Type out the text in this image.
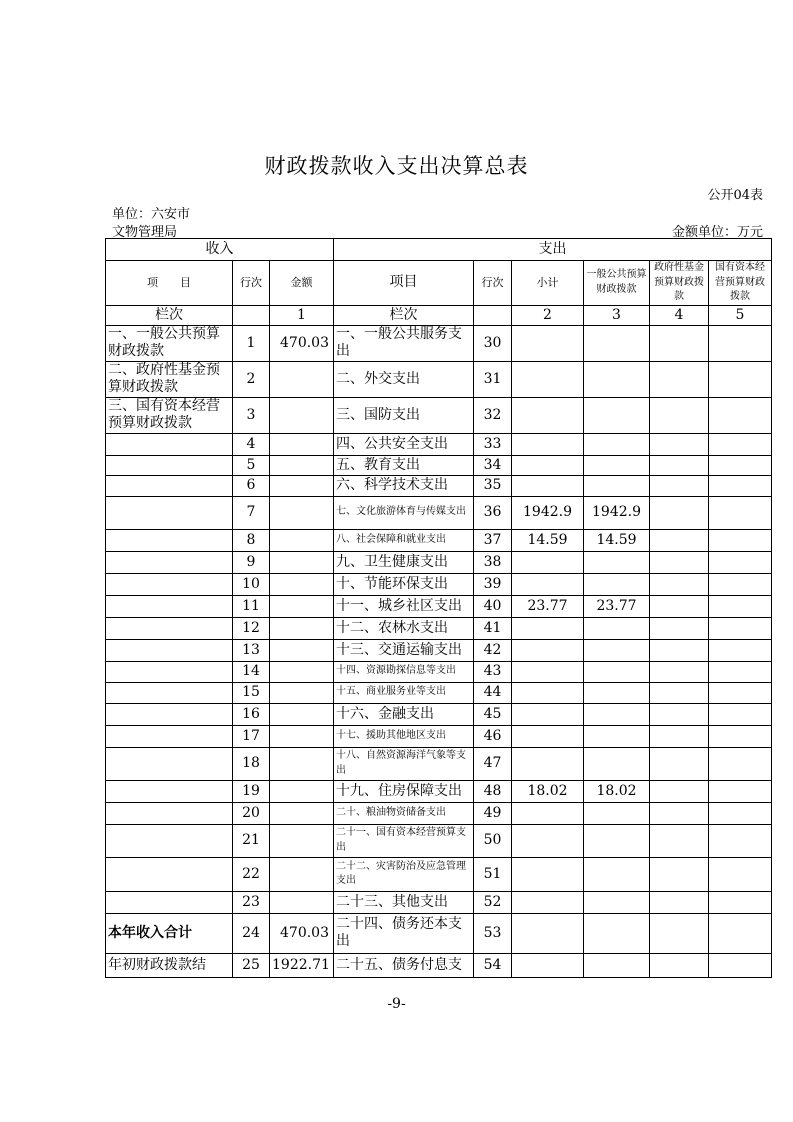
财政拨款收入支出决算总表
公开04表
单位：六安市
文物管理局	金额单位：万元
收入			支出					
项　　目	行次	金额	项目	行次	小计	一般公共预算财政拨款	政府性基金预算财政拨款	国有资本经营预算财政拨款
栏次		1	栏次		2	3	4	5
一、一般公共预算财政拨款	1	470.03	一、一般公共服务支出	30				
二、政府性基金预算财政拨款	2		二、外交支出	31				
三、国有资本经营预算财政拨款	3		三、国防支出	32				
	4		四、公共安全支出	33				
	5		五、教育支出	34				
	6		六、科学技术支出	35				
	7		七、文化旅游体育与传媒支出	36	1942.9	1942.9		
	8		八、社会保障和就业支出	37	14.59	14.59		
	9		九、卫生健康支出	38				
	10		十、节能环保支出	39				
	11		十一、城乡社区支出	40	23.77	23.77		
	12		十二、农林水支出	41				
	13		十三、交通运输支出	42				
	14		十四、资源勘探信息等支出	43				
	15		十五、商业服务业等支出	44				
	16		十六、金融支出	45				
	17		十七、援助其他地区支出	46				
	18		十八、自然资源海洋气象等支出	47				
	19		十九、住房保障支出	48	18.02	18.02		
	20		二十、粮油物资储备支出	49				
	21		二十一、国有资本经营预算支出	50				
	22		二十二、灾害防治及应急管理支出	51				
	23		二十三、其他支出	52				
本年收入合计	24	470.03	二十四、债务还本支出	53				
年初财政拨款结	25	1922.71	二十五、债务付息支	54				
-9-
